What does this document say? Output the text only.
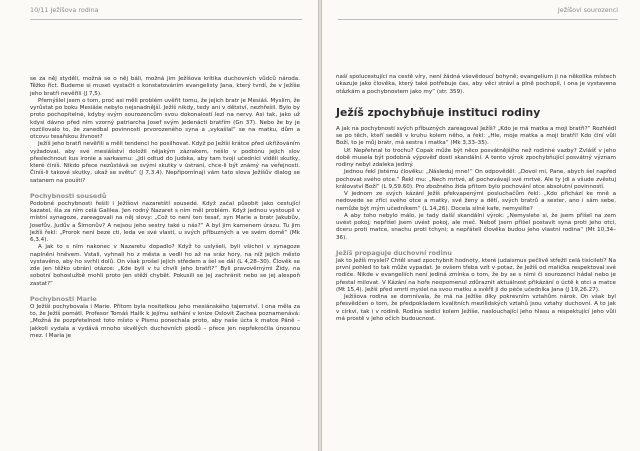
10/11 Ježíšova rodina

se za něj styděli, možná se o něj báli, možná jim Ježíšova kritika duchovních vůdců národa. Těžko říct. Budeme si muset vystačit s konstatováním evangelisty Jana, který tvrdí, že v Ježíše jeho bratři nevěřili (J 7,5).

Přemýšlel jsem o tom, proč asi měli problém uvěřit tomu, že jejich bratr je Mesiáš. Myslím, že vyrůstat po boku Mesiáše nebylo nejsnadnější. Ježíš nikdy, tedy ani v dětství, nezhřešil. Bylo by proto pochopitelné, kdyby svým sourozencům svou dokonalostí lezl na nervy. Asi tak, jako už kdysi dávno před ním vzorný patriarcha Josef svým jedenácti bratřím (Gn 37). Nebo že by je rozčilovalo to, že zanedbal povinnosti prvorozeného syna a „vykašlal“ se na matku, dům a otcovu tesařskou živnost?

Ježíš jeho bratři nevěřili a měli tendenci ho posilhovat. Když po Ježíši krátce před ukřižováním vyžadoval, aby své mesiášství doložil nějakým zázrakem, nešlo v podtónu jejich slov přeslechnout kus ironie a sarkasmu: „Jdi odtud do Judska, aby tam tvoji učedníci viděli skutky, které činíš. Nikdo přece nezůstává se svými skutky v ústraní, chce-li být známý na veřejnosti. Činíš-li takové skutky, ukaž se světu“ (J 7,3.4). Nepřipomínají vám tato slova Ježíšův dialog se satanem na poušti?

Pochybnosti sousedů

Podobné pochybnosti řešili i Ježíšovi nazaretští sousedé. Když začal působit jako cestující kazatel, šla za ním celá Galilea. Jen rodný Nazaret s ním měl problém. Když jednou vystoupil v místní synagoze, zareagovali na něj slovy: „Což to není ten tesař, syn Marie a bratr Jakubův, Josefův, Judův a Šimonův? A nejsou jeho sestry také u nás?“ A byl jim kamenem úrazu. Tu jim Ježíš řekl: „Prorok není beze cti, leda ve své vlasti, u svých příbuzných a ve svém domě“ (Mk 6,3.4).

A jak to s ním nakonec v Nazaretu dopadlo? Když to uslyšeli, byli všichni v synagoze naplněni hněvem. Vstali, vyhnali ho z města a vedli ho až na sráz hory, na níž jejich město vystavěno, aby ho svrhli dolů. On však prošel jejich středem a šel se dál (L 4,28–30). Člověk se zde jen těžko ubrání otázce: „Kde byli v tu chvíli jeho bratři?“ Byli pravověrnými Židy, na sobotní bohoslužbě mohli proto jen stěží chybět. Pokusili se jej zachránit nebo se jej alespoň zastat?“

Pochybnosti Marie

O Ježíši pochybovala i Marie. Přitom byla nositelkou jeho mesiánského tajemství. I ona měla za to, že Ježíš pomátl. Profesor Tomáš Halík k jejímu selhání v knize Oslovit Zachea poznamenává: „Možná že pozpřetelnost toto místo v Písmu ponechala proto, aby naše úcta k matce Páně – jakkoli vydala a vydává mnoho skvělých duchovních plodů – přece jen nepřekročila únosnou mez. I Maria je

Ježíšovi sourozenci

naší spolucestující na cestě víry, není žádná vševědoucí bohyně; evangelium ji na několika místech ukazuje jako člověka, který také potřebuje čas, aby věci stráví a plně pochopil, i ona je vystavena otázkám a pochybnostem jako my“ (str. 359).

Ježíš zpochybňuje instituci rodiny

A jak na pochybnosti svých příbuzných zareagoval Ježíš? „Kdo je má matka a moji bratři?“ Rozhlédl se po těch, kteří seděli v kruhu kolem něho, a řekl: „Hle, moje matka a moji bratři! Kdo činí vůli Boží, to je můj bratr, má sestra i matka“ (Mk 3,33–35).

Uf. Nepřehnal to trochu? Copak může být něco posvátnějšího než rodinné vazby? Zvlášť v jeho době musela být podobná výpověď dosti skandální. A tento výrok zpochybňující posvátný význam rodiny nebyl zdaleka jediný.

Jednou řekl jistému člověku: „Následuj mne!“ On odpověděl: „Dovol mi, Pane, abych šel napřed pochovat svého otce.“ Řekl mu: „Nech mrtvé, ať pochovávají své mrtvé. Ale ty jdi a všude zvěstuj království Boží“ (L 9,59.60). Pro zbožného žida přitom bylo pochování otce absolutní povinností.

V jednom ze svých kázání Ježíš překvapenými posluchačům řekl: „Kdo přichází ke mně a nedovede se zříci svého otce a matky, své ženy a dětí, svých bratrů a sester, ano i sám sebe, nemůže být mým učedníkem“ (L 14,26). Docela silné kafe, nemyslíte?

A aby toho nebylo málo, je tady další skandální výrok: „Nemyslete si, že jsem přišel na zem uvést pokoj; nepřišel jsem uvést pokoj, ale meč. Neboť jsem přišel postavit syna proti jeho otci, dceru proti matce, snachu proti tchyni; a nepřáteli člověka budou jeho vlastní rodina“ (Mt 10,34–36).

Ježíš propaguje duchovní rodinu

Jak to Ježíš myslel? Chtěl snad zpochybnit hodnoty, které judaismus pečlivě střežil celá tisíciletí? Na první pohled to tak může vypadat. Je ovšem třeba vzít v potaz, že Ježíš od malička respektoval své rodiče. Nikde v evangeliích není jediná zmínka o tom, že by se s nimi či sourozenci hádal nebo je přestal milovat. V Kázání na hoře neopomenul zdůraznit aktuálnost přikázání o úctě k otci a matce (Mt 15,4). Ježíš před smrtí myslel na svou matku a svěřil ji do péče učedníka Jana (J 19,26.27).

Ježíšova rodina se domnívala, že má na Ježíše díky pokrevním vztahům nárok. On však byl přesvědčen o tom, že předpokladem kvalitních mezilidských vztahů jsou vztahy duchovní. A to jak v církvi, tak i v rodině. Rodina sedící kolem Ježíše, naslouchající jeho hlasu a respektující jeho vůli má prostě v jeho očích budoucnost.
